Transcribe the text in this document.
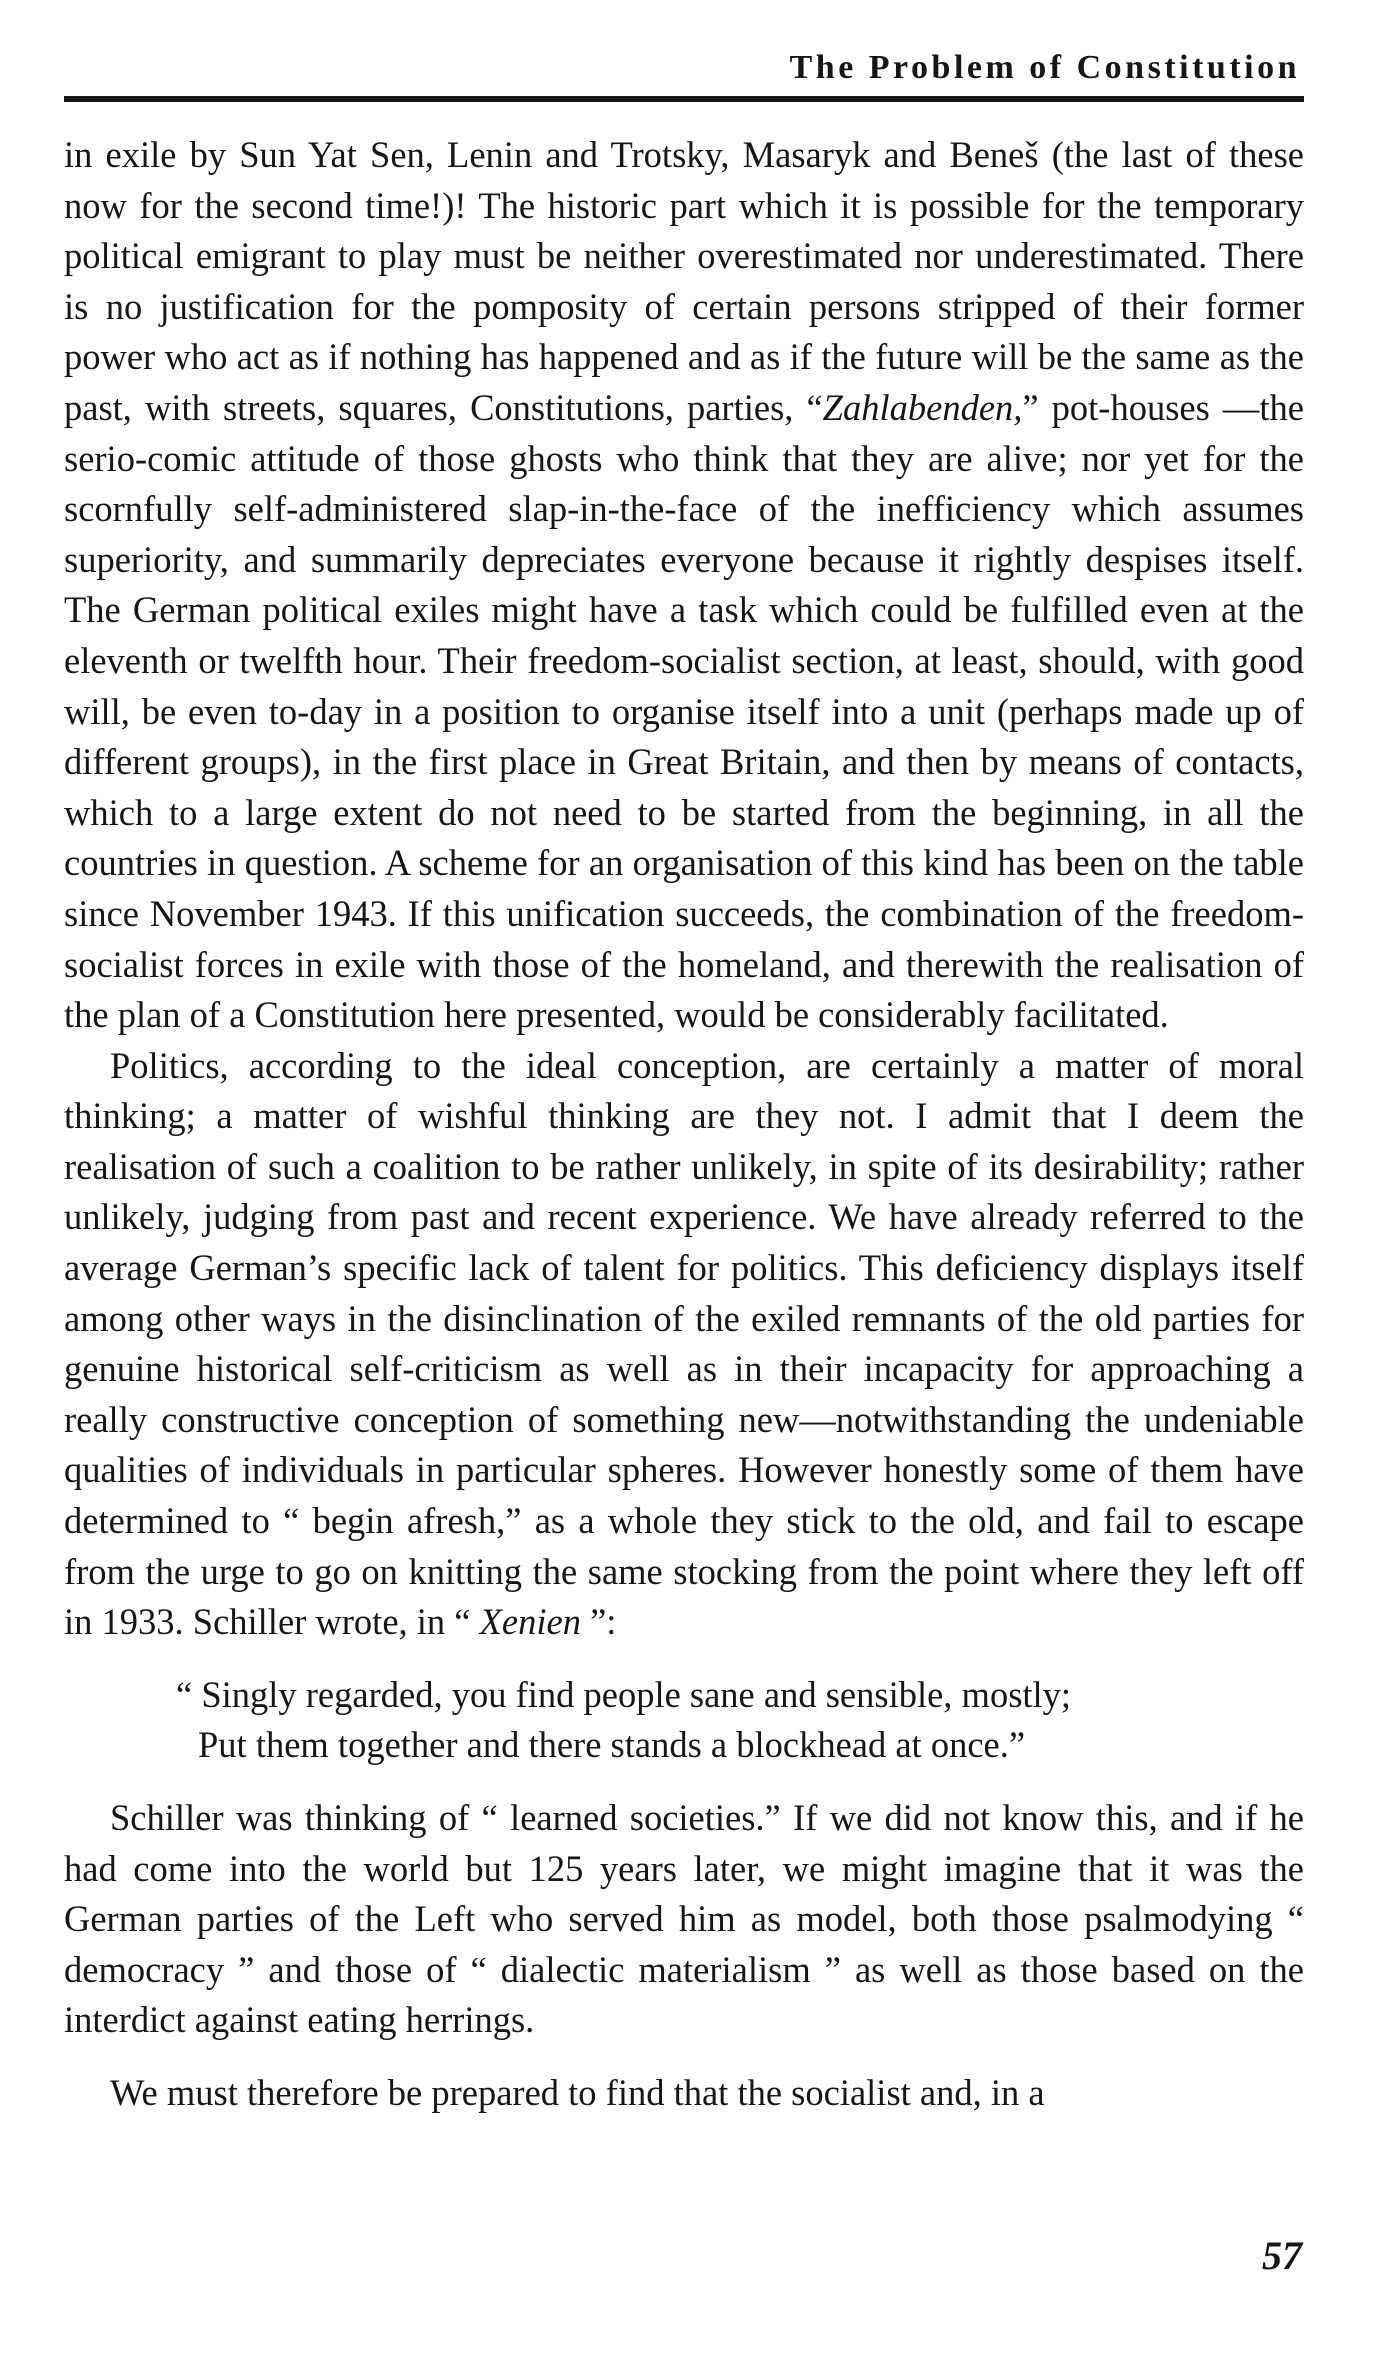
The Problem of Constitution

in exile by Sun Yat Sen, Lenin and Trotsky, Masaryk and Beneš (the last of these now for the second time!)! The historic part which it is possible for the temporary political emigrant to play must be neither overestimated nor underestimated. There is no justification for the pomposity of certain persons stripped of their former power who act as if nothing has happened and as if the future will be the same as the past, with streets, squares, Constitutions, parties, “Zahlabenden,” pot-houses —the serio-comic attitude of those ghosts who think that they are alive; nor yet for the scornfully self-administered slap-in-the-face of the inefficiency which assumes superiority, and summarily depreciates everyone because it rightly despises itself. The German political exiles might have a task which could be fulfilled even at the eleventh or twelfth hour. Their freedom-socialist section, at least, should, with good will, be even to-day in a position to organise itself into a unit (perhaps made up of different groups), in the first place in Great Britain, and then by means of contacts, which to a large extent do not need to be started from the beginning, in all the countries in question. A scheme for an organisation of this kind has been on the table since November 1943. If this unification succeeds, the combination of the freedom-socialist forces in exile with those of the homeland, and therewith the realisation of the plan of a Constitution here presented, would be considerably facilitated.

Politics, according to the ideal conception, are certainly a matter of moral thinking; a matter of wishful thinking are they not. I admit that I deem the realisation of such a coalition to be rather unlikely, in spite of its desirability; rather unlikely, judging from past and recent experience. We have already referred to the average German’s specific lack of talent for politics. This deficiency displays itself among other ways in the disinclination of the exiled remnants of the old parties for genuine historical self-criticism as well as in their incapacity for approaching a really constructive conception of something new—notwithstanding the undeniable qualities of individuals in particular spheres. However honestly some of them have determined to “ begin afresh,” as a whole they stick to the old, and fail to escape from the urge to go on knitting the same stocking from the point where they left off in 1933. Schiller wrote, in “ Xenien ”:

“ Singly regarded, you find people sane and sensible, mostly;
Put them together and there stands a blockhead at once.”

Schiller was thinking of “ learned societies.” If we did not know this, and if he had come into the world but 125 years later, we might imagine that it was the German parties of the Left who served him as model, both those psalmodying “ democracy ” and those of “ dialectic materialism ” as well as those based on the interdict against eating herrings.

We must therefore be prepared to find that the socialist and, in a

57
